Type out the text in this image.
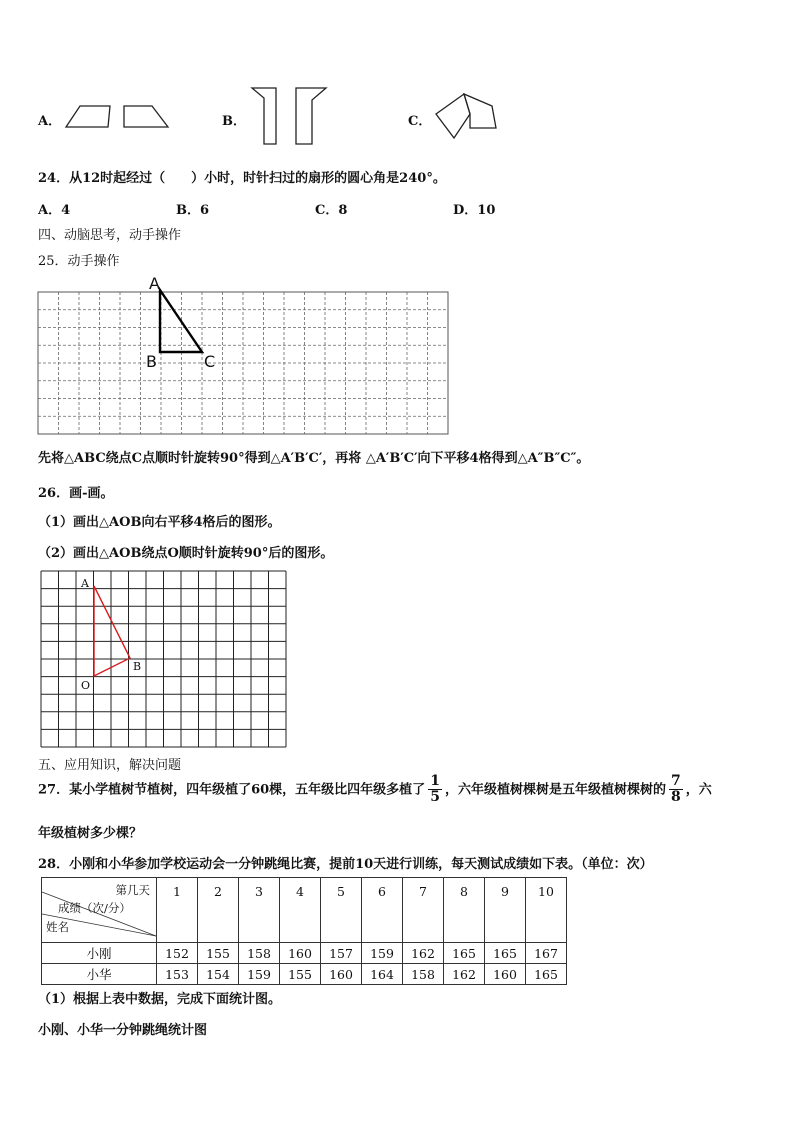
A．	B．	C．
24．从12时起经过（　　）小时，时针扫过的扇形的圆心角是240°。
A．4	B．6	C．8	D．10
四、动脑思考，动手操作
25．动手操作
A
B	C
先将△ABC绕点C点顺时针旋转90°得到△A′B′C′，再将 △A′B′C′向下平移4格得到△A″B″C″。
26．画-画。
（1）画出△AOB向右平移4格后的图形。
（2）画出△AOB绕点O顺时针旋转90°后的图形。
A
B
O
五、应用知识，解决问题
27．某小学植树节植树，四年级植了60棵，五年级比四年级多植了 $\frac{1}{5}$ ，六年级植树棵树是五年级植树棵树的 $\frac{7}{8}$ ，六
年级植树多少棵？
28．小刚和小华参加学校运动会一分钟跳绳比赛，提前10天进行训练，每天测试成绩如下表。（单位：次）
第几天
成绩（次/分）
姓名	1	2	3	4	5	6	7	8	9	10
小刚	152	155	158	160	157	159	162	165	165	167
小华	153	154	159	155	160	164	158	162	160	165
（1）根据上表中数据，完成下面统计图。
小刚、小华一分钟跳绳统计图
